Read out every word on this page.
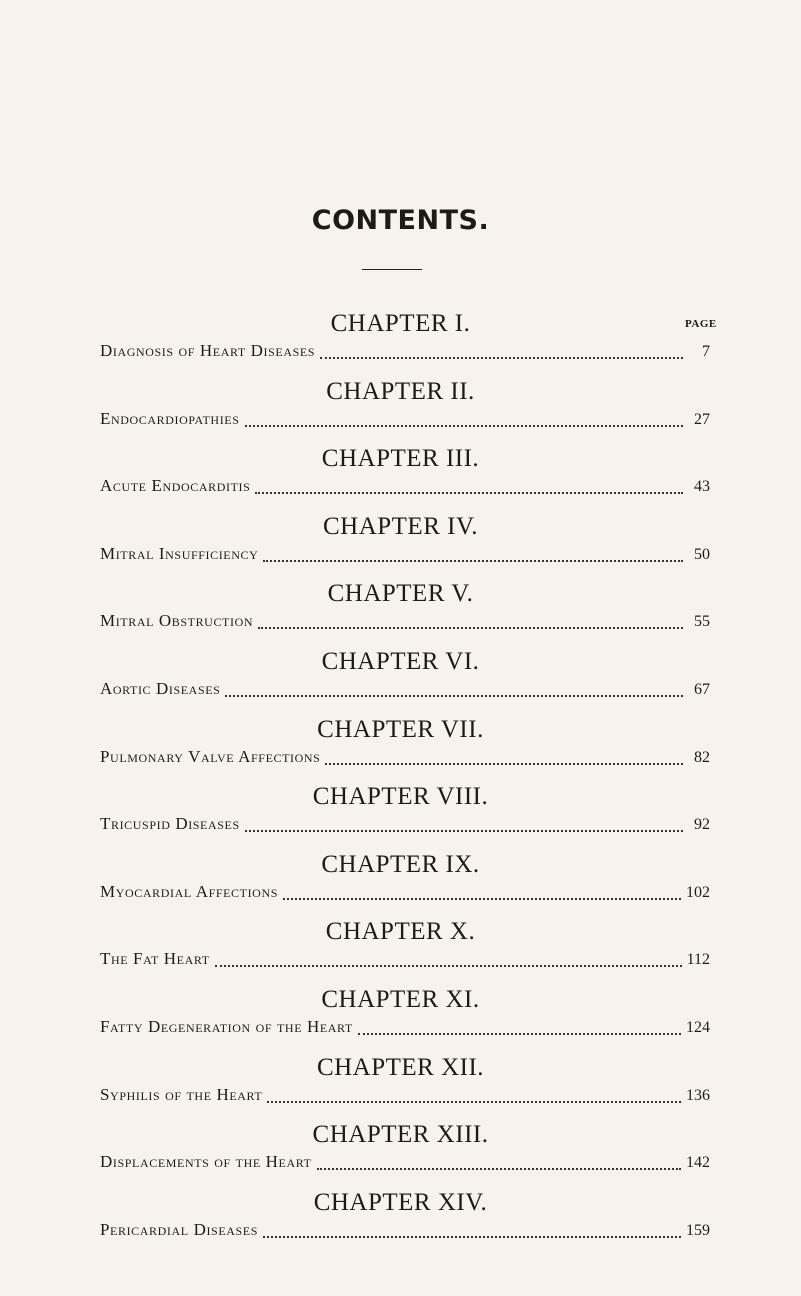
CONTENTS.
CHAPTER I.	PAGE
Diagnosis of Heart Diseases	7
CHAPTER II.
Endocardiopathies	27
CHAPTER III.
Acute Endocarditis	43
CHAPTER IV.
Mitral Insufficiency	50
CHAPTER V.
Mitral Obstruction	55
CHAPTER VI.
Aortic Diseases	67
CHAPTER VII.
Pulmonary Valve Affections	82
CHAPTER VIII.
Tricuspid Diseases	92
CHAPTER IX.
Myocardial Affections	102
CHAPTER X.
The Fat Heart	112
CHAPTER XI.
Fatty Degeneration of the Heart	124
CHAPTER XII.
Syphilis of the Heart	136
CHAPTER XIII.
Displacements of the Heart	142
CHAPTER XIV.
Pericardial Diseases	159
